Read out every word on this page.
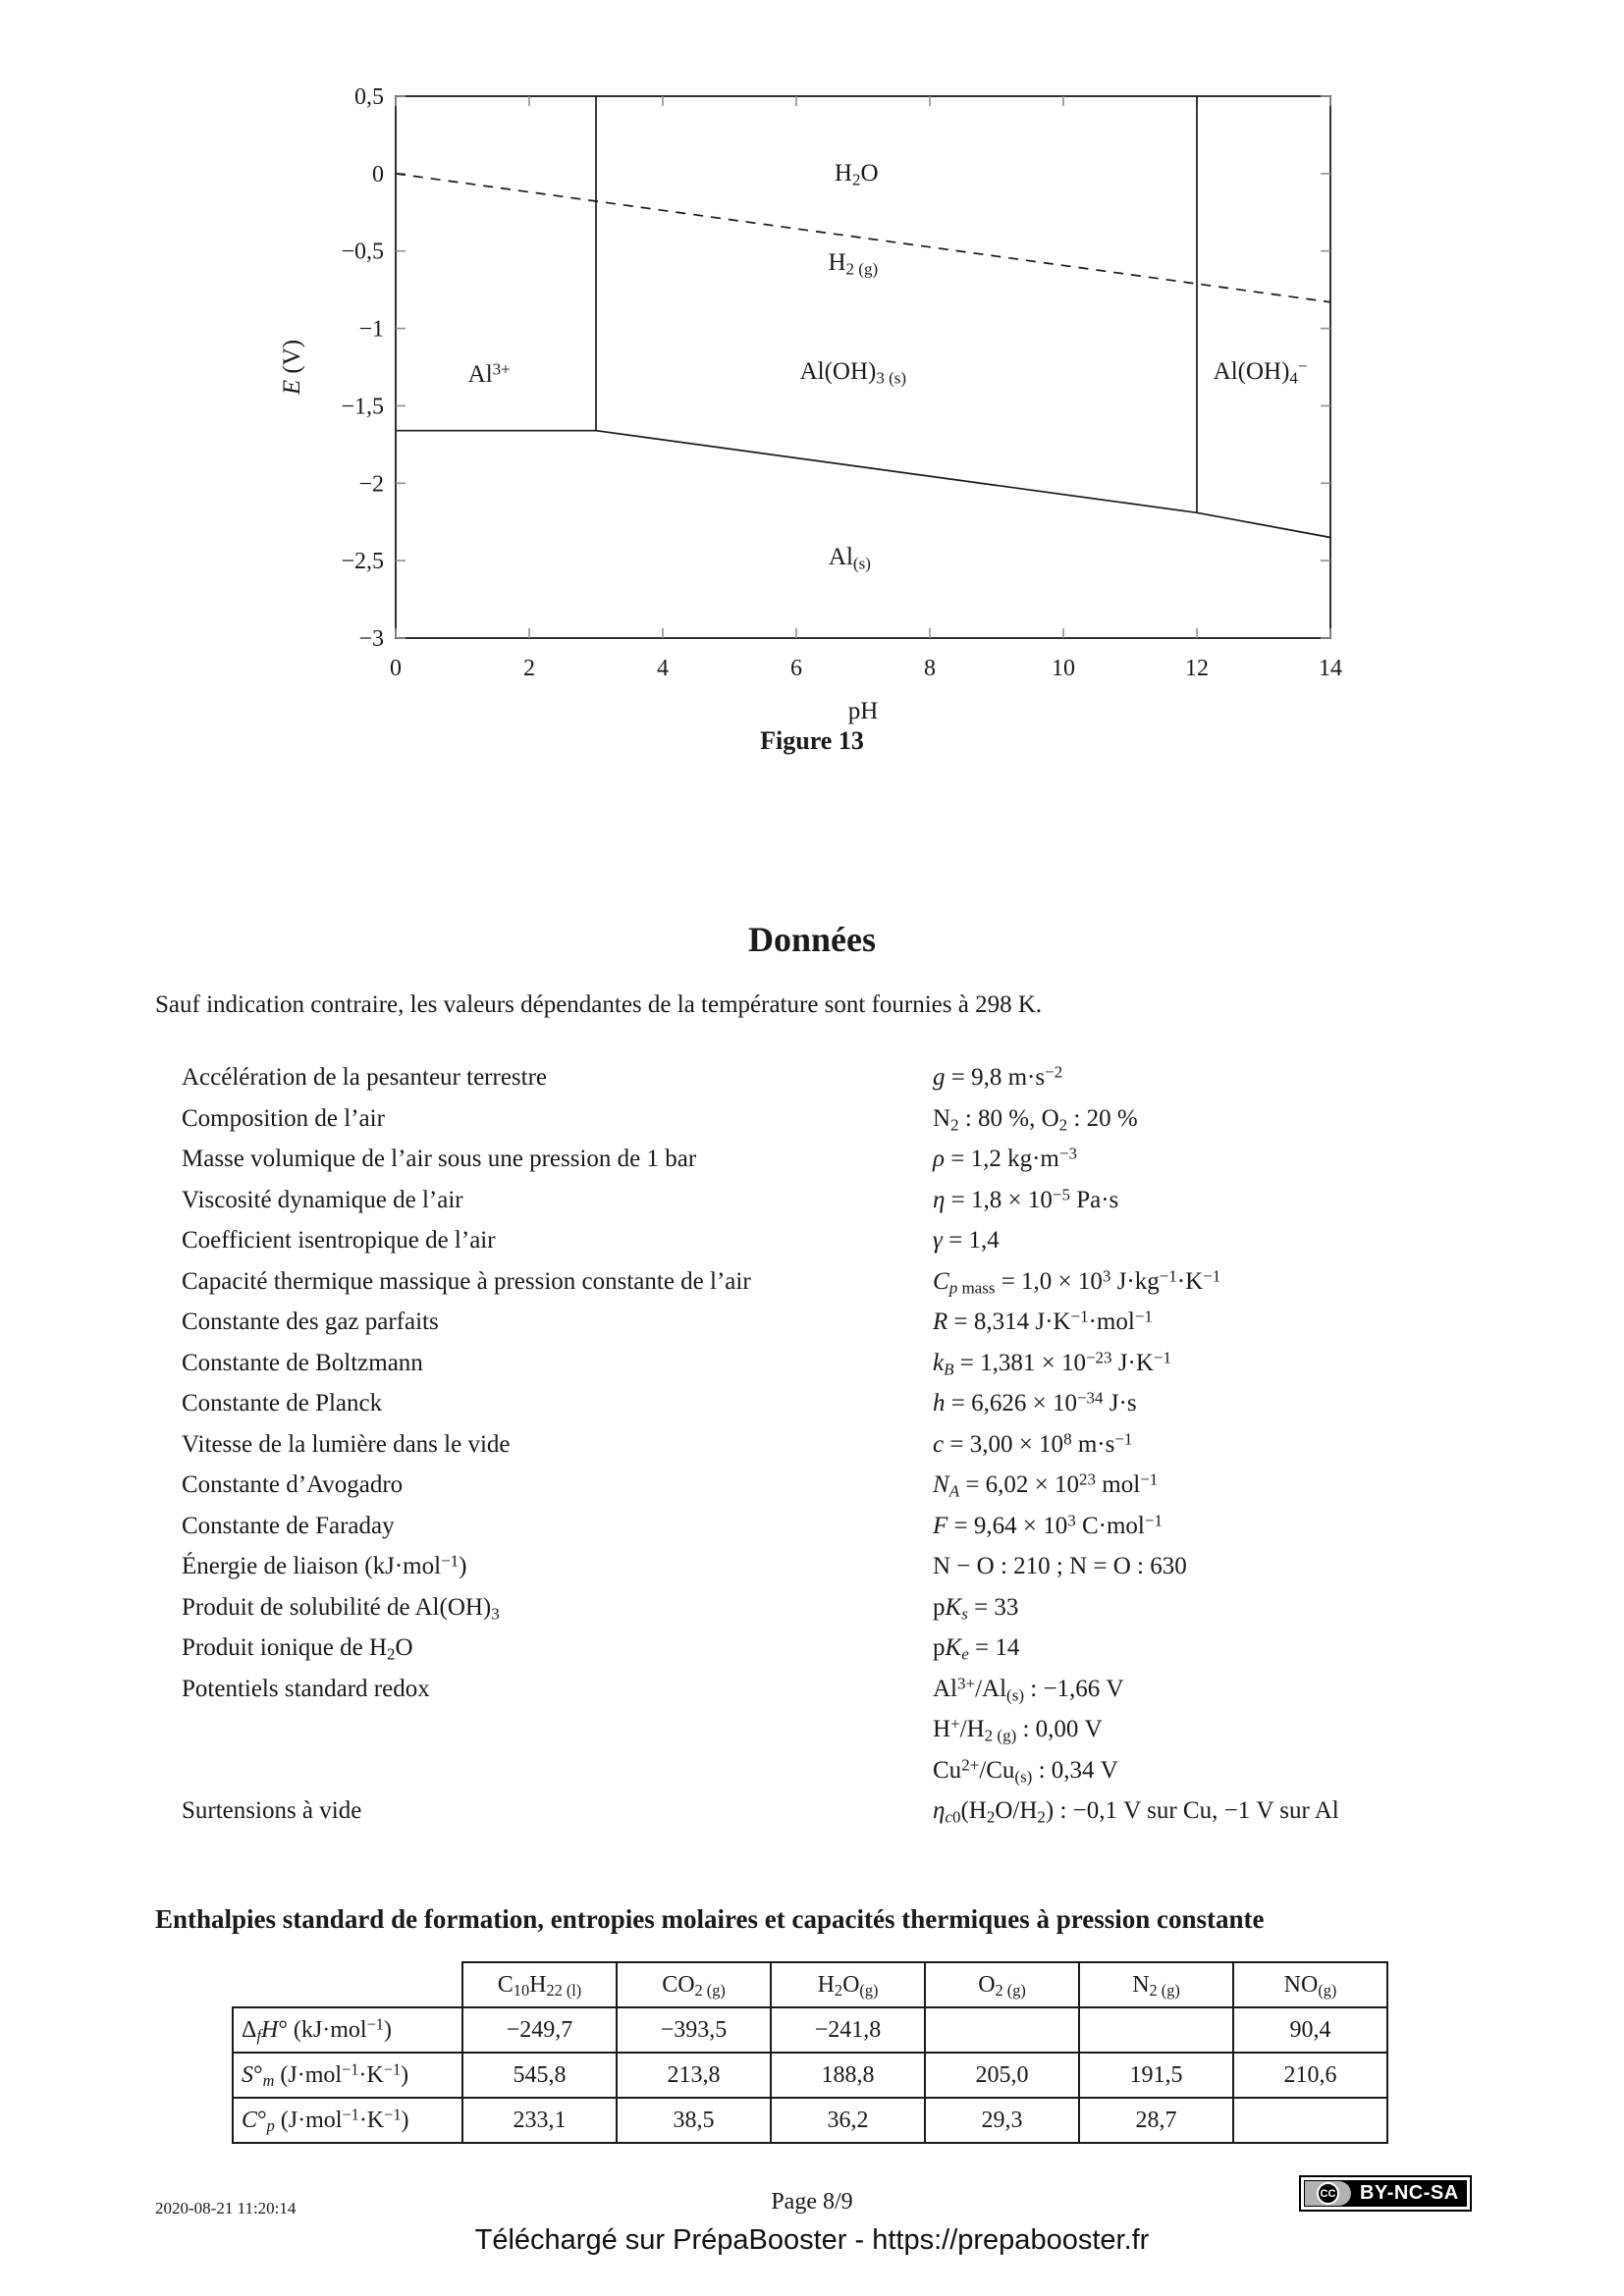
0	2	4	6	8	10	12	14
0,5
0
−0,5
−1
−1,5
−2
−2,5
−3
pH
E (V)
$H_2O$
$H_{2 (g)}$
$Al^{3+}$	$Al(OH)_{3 (s)}$	$Al(OH)_4^-$
$Al_{(s)}$
Figure 13
Données

Sauf indication contraire, les valeurs dépendantes de la température sont fournies à 298 K.

Accélération de la pesanteur terrestre	g = 9,8 $m\cdot s^{-2}$
Composition de l’air	$N_2$ : 80 %, $O_2$ : 20 %
Masse volumique de l’air sous une pression de 1 bar	ρ = 1,2 $kg\cdot m^{-3}$
Viscosité dynamique de l’air	$\eta = 1,8 \times 10^{-5}$ Pa·s
Coefficient isentropique de l’air	γ = 1,4
Capacité thermique massique à pression constante de l’air	$C_{p mass} = 1,0 \times 10^3$ $J\cdot kg^{-1}\cdot K^{-1}$
Constante des gaz parfaits	R = 8,314 $J\cdot K^{-1}\cdot mol^{-1}$
Constante de Boltzmann	$k_B = 1,381 \times 10^{-23}$ $J\cdot K^{-1}$
Constante de Planck	$h = 6,626 \times 10^{-34}$ J·s
Vitesse de la lumière dans le vide	$c = 3,00 \times 10^8$ $m\cdot s^{-1}$
Constante d’Avogadro	$N_A = 6,02 \times 10^{23}$ mol$^{-1}$
Constante de Faraday	$F = 9,64 \times 10^3$ C·mol$^{-1}$
Énergie de liaison (kJ·mol$^{-1}$)	N − O : 210 ; N = O : 630
Produit de solubilité de $Al(OH)_3$	$pK_s = 33$
Produit ionique de $H_2O$	$pK_e = 14$
Potentiels standard redox	$Al^{3+}/Al_{(s)}$ : −1,66 V
$H^+/H_{2 (g)}$ : 0,00 V
$Cu^{2+}/Cu_{(s)}$ : 0,34 V
Surtensions à vide	$\eta_{c0}(H_2O/H_2)$ : −0,1 V sur Cu, −1 V sur Al
Enthalpies standard de formation, entropies molaires et capacités thermiques à pression constante
	$C_{10}H_{22 (l)}$	$CO_{2 (g)}$	$H_2O_{(g)}$	$O_{2 (g)}$	$N_{2 (g)}$	$NO_{(g)}$
$\Delta_fH^\circ$ (kJ·mol$^{-1}$)	−249,7	−393,5	−241,8			90,4
$S^\circ_m$ $(J\cdot mol^{-1}\cdot K^{-1})$	545,8	213,8	188,8	205,0	191,5	210,6
$C^\circ_p$ $(J\cdot mol^{-1}\cdot K^{-1})$	233,1	38,5	36,2	29,3	28,7	
2020-08-21 11:20:14	Page 8/9	CC BY-NC-SA
Téléchargé sur PrépaBooster - https://prepabooster.fr
